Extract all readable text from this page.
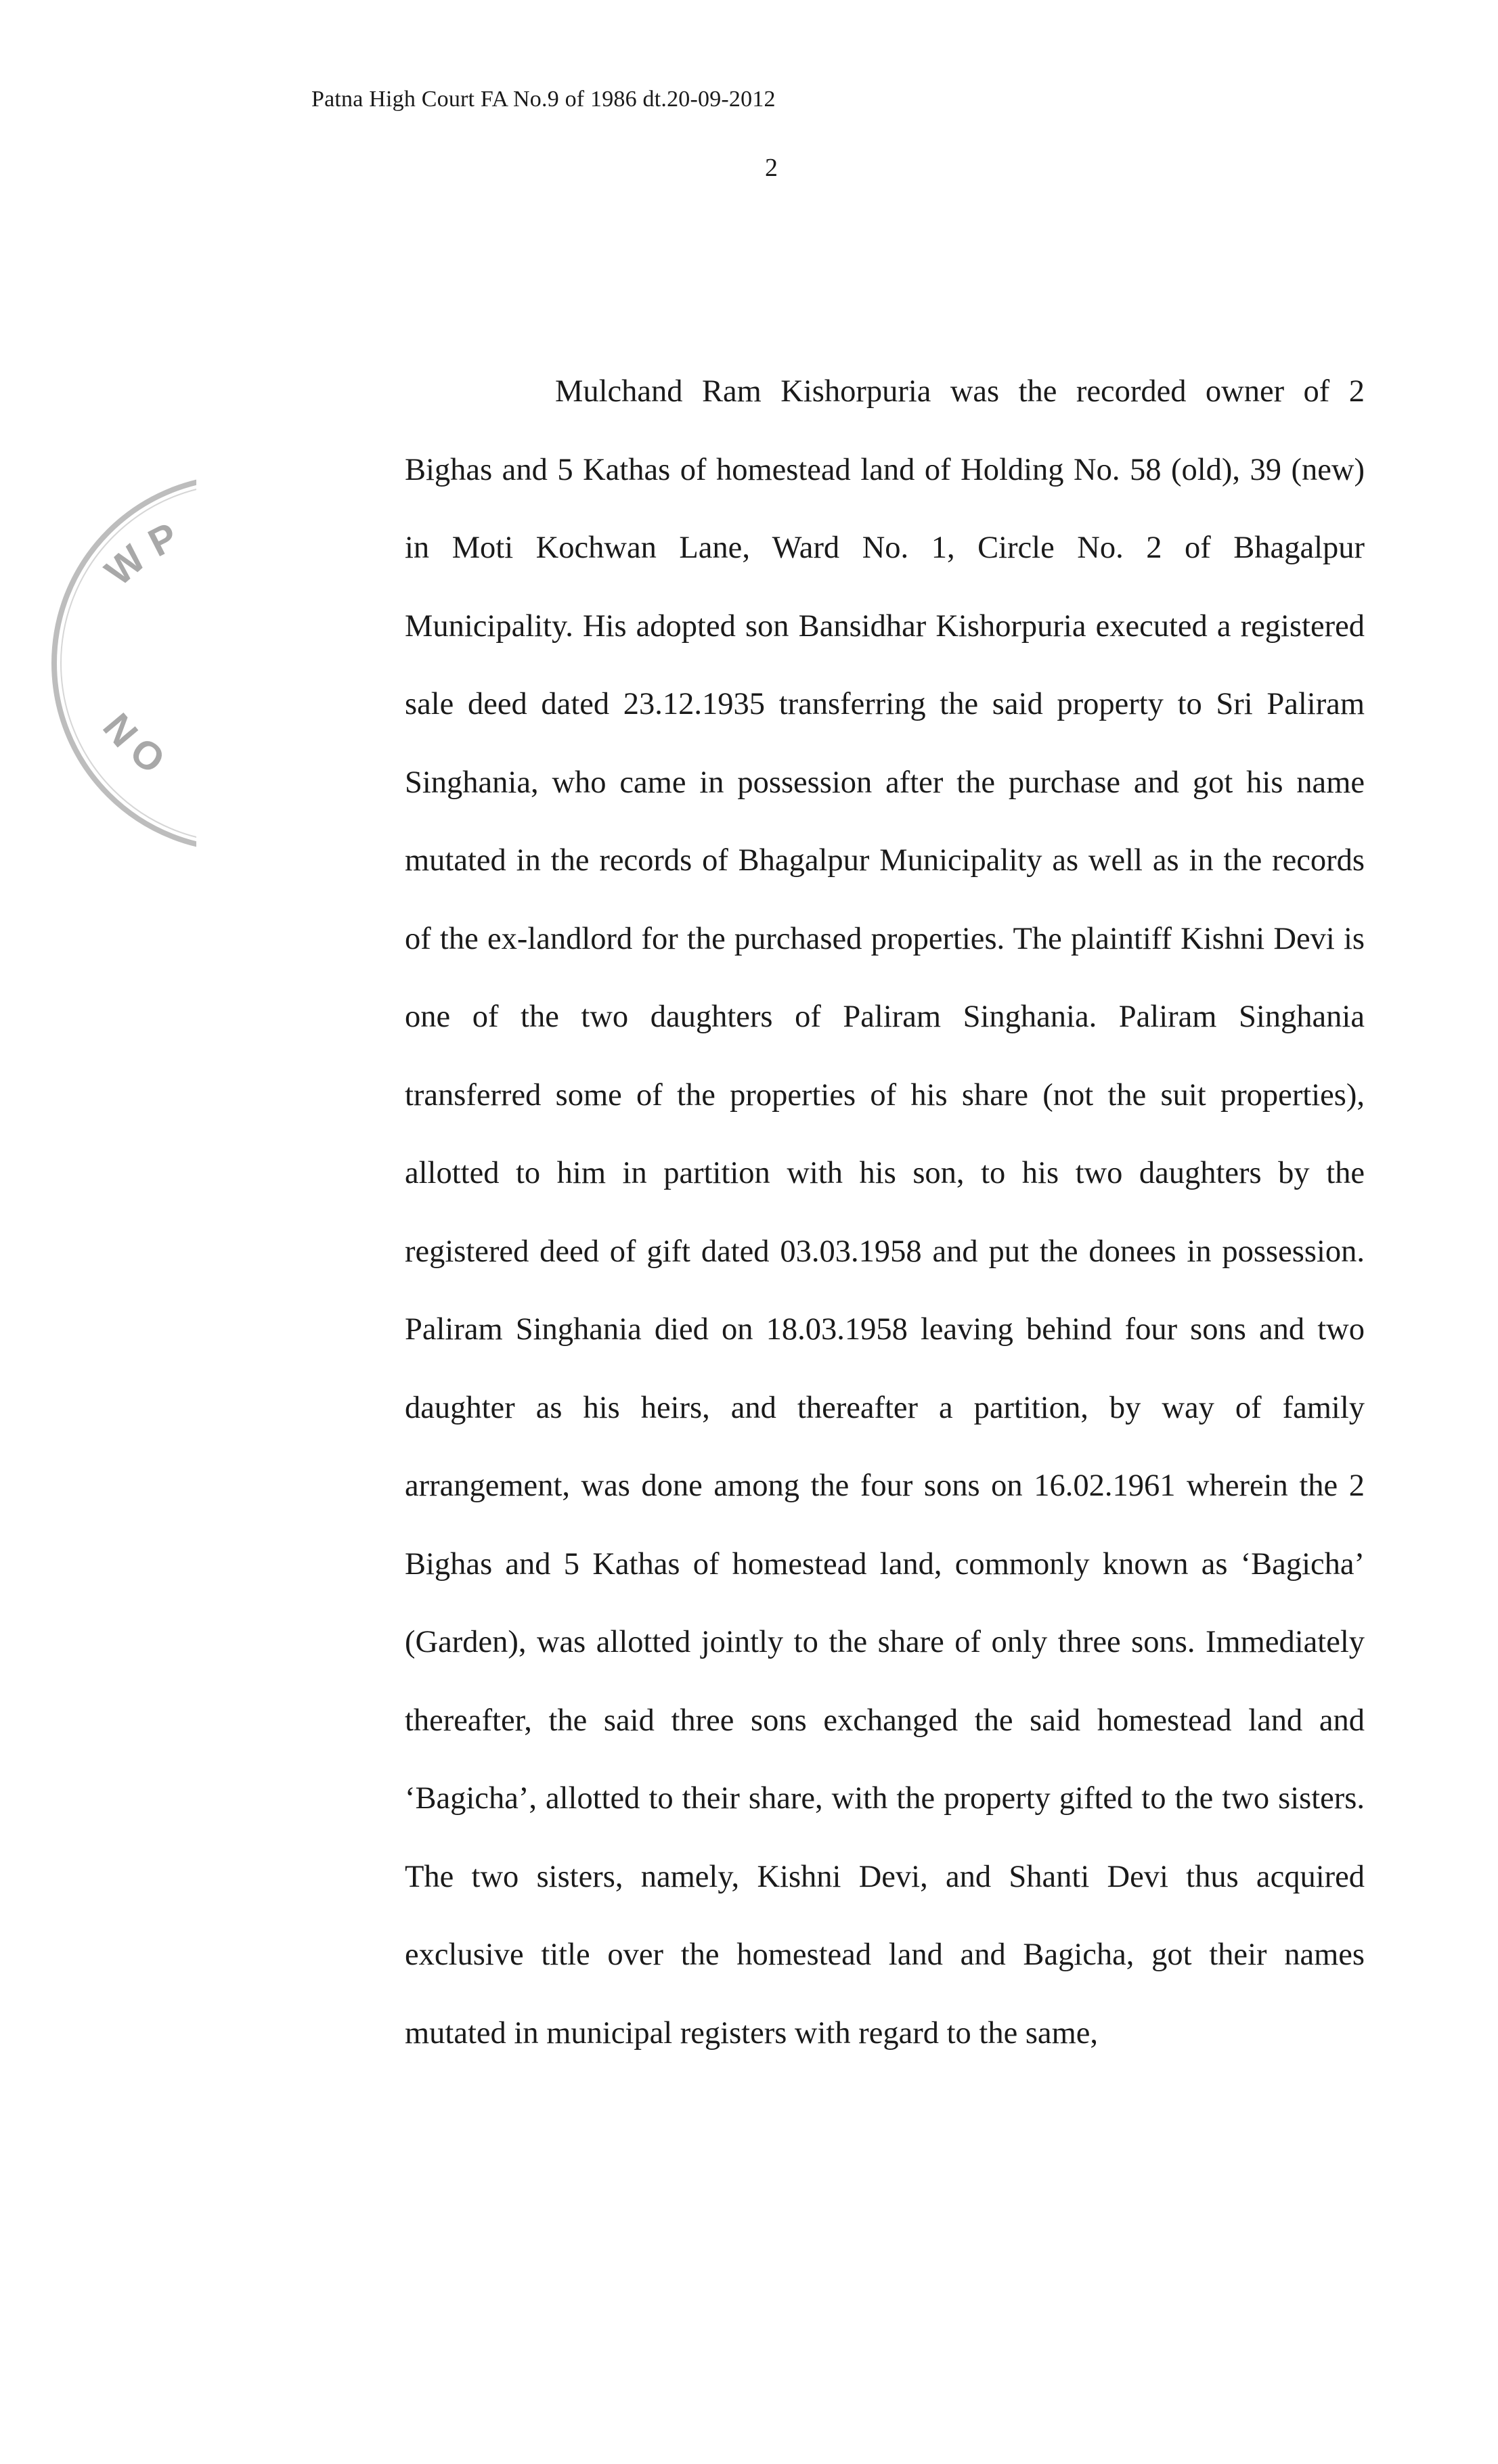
Patna High Court FA No.9 of 1986 dt.20-09-2012
2
W P
N O

Mulchand Ram Kishorpuria was the recorded owner of 2 Bighas and 5 Kathas of homestead land of Holding No. 58 (old), 39 (new) in Moti Kochwan Lane, Ward No. 1, Circle No. 2 of Bhagalpur Municipality. His adopted son Bansidhar Kishorpuria executed a registered sale deed dated 23.12.1935 transferring the said property to Sri Paliram Singhania, who came in possession after the purchase and got his name mutated in the records of Bhagalpur Municipality as well as in the records of the ex-landlord for the purchased properties. The plaintiff Kishni Devi is one of the two daughters of Paliram Singhania. Paliram Singhania transferred some of the properties of his share (not the suit properties), allotted to him in partition with his son, to his two daughters by the registered deed of gift dated 03.03.1958 and put the donees in possession. Paliram Singhania died on 18.03.1958 leaving behind four sons and two daughter as his heirs, and thereafter a partition, by way of family arrangement, was done among the four sons on 16.02.1961 wherein the 2 Bighas and 5 Kathas of homestead land, commonly known as ‘Bagicha’ (Garden), was allotted jointly to the share of only three sons. Immediately thereafter, the said three sons exchanged the said homestead land and ‘Bagicha’, allotted to their share, with the property gifted to the two sisters. The two sisters, namely, Kishni Devi, and Shanti Devi thus acquired exclusive title over the homestead land and Bagicha, got their names mutated in municipal registers with regard to the same,
